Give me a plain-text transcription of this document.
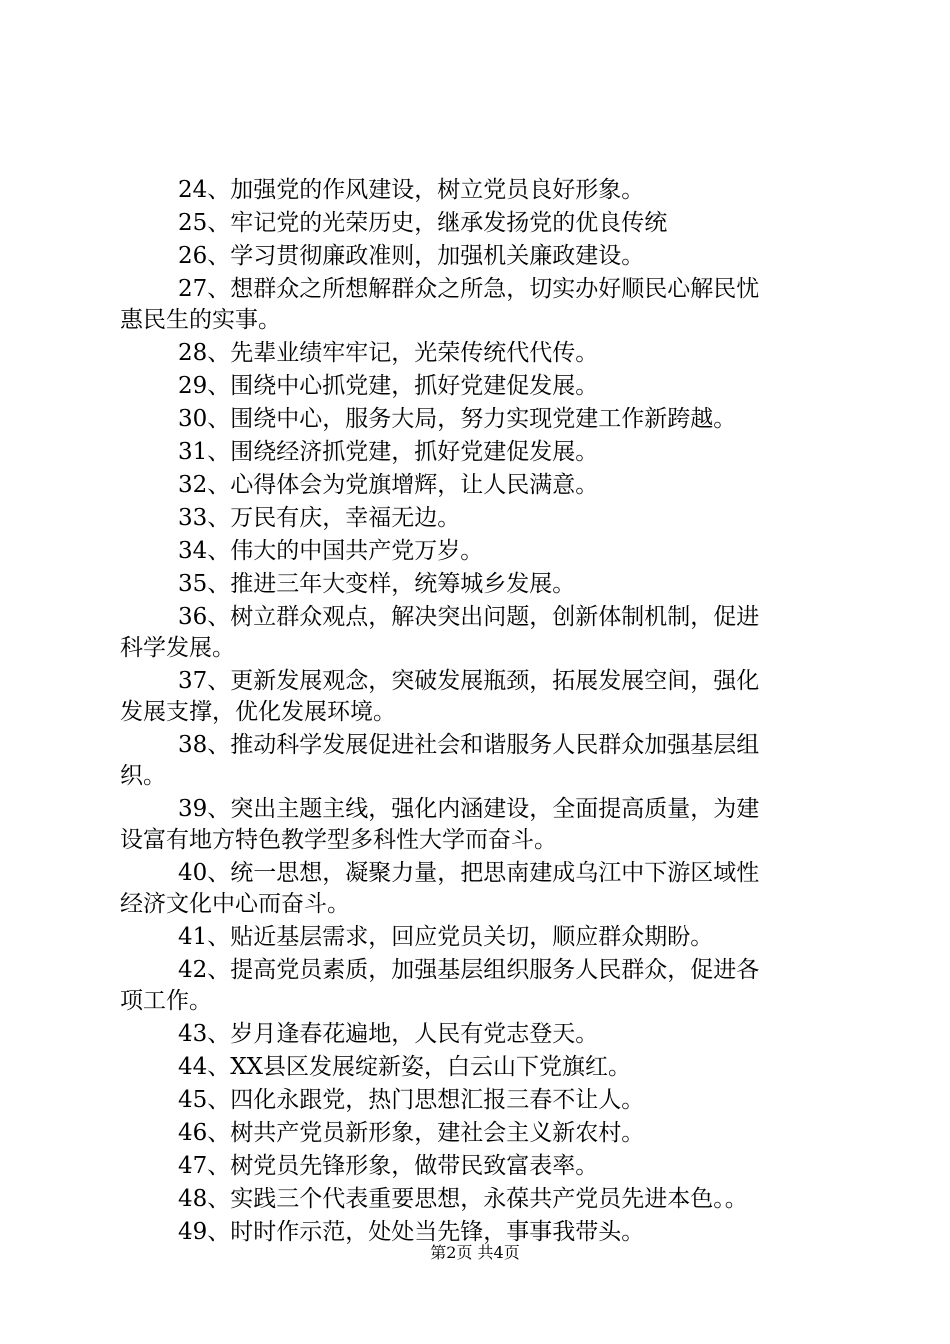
24、加强党的作风建设，树立党员良好形象。
25、牢记党的光荣历史，继承发扬党的优良传统
26、学习贯彻廉政准则，加强机关廉政建设。
27、想群众之所想解群众之所急，切实办好顺民心解民忧
惠民生的实事。
28、先辈业绩牢牢记，光荣传统代代传。
29、围绕中心抓党建，抓好党建促发展。
30、围绕中心，服务大局，努力实现党建工作新跨越。
31、围绕经济抓党建，抓好党建促发展。
32、心得体会为党旗增辉，让人民满意。
33、万民有庆，幸福无边。
34、伟大的中国共产党万岁。
35、推进三年大变样，统筹城乡发展。
36、树立群众观点，解决突出问题，创新体制机制，促进
科学发展。
37、更新发展观念，突破发展瓶颈，拓展发展空间，强化
发展支撑，优化发展环境。
38、推动科学发展促进社会和谐服务人民群众加强基层组
织。
39、突出主题主线，强化内涵建设，全面提高质量，为建
设富有地方特色教学型多科性大学而奋斗。
40、统一思想，凝聚力量，把思南建成乌江中下游区域性
经济文化中心而奋斗。
41、贴近基层需求，回应党员关切，顺应群众期盼。
42、提高党员素质，加强基层组织服务人民群众，促进各
项工作。
43、岁月逢春花遍地，人民有党志登天。
44、XX县区发展绽新姿，白云山下党旗红。
45、四化永跟党，热门思想汇报三春不让人。
46、树共产党员新形象，建社会主义新农村。
47、树党员先锋形象，做带民致富表率。
48、实践三个代表重要思想，永葆共产党员先进本色。。
49、时时作示范，处处当先锋，事事我带头。
第2页 共4页
